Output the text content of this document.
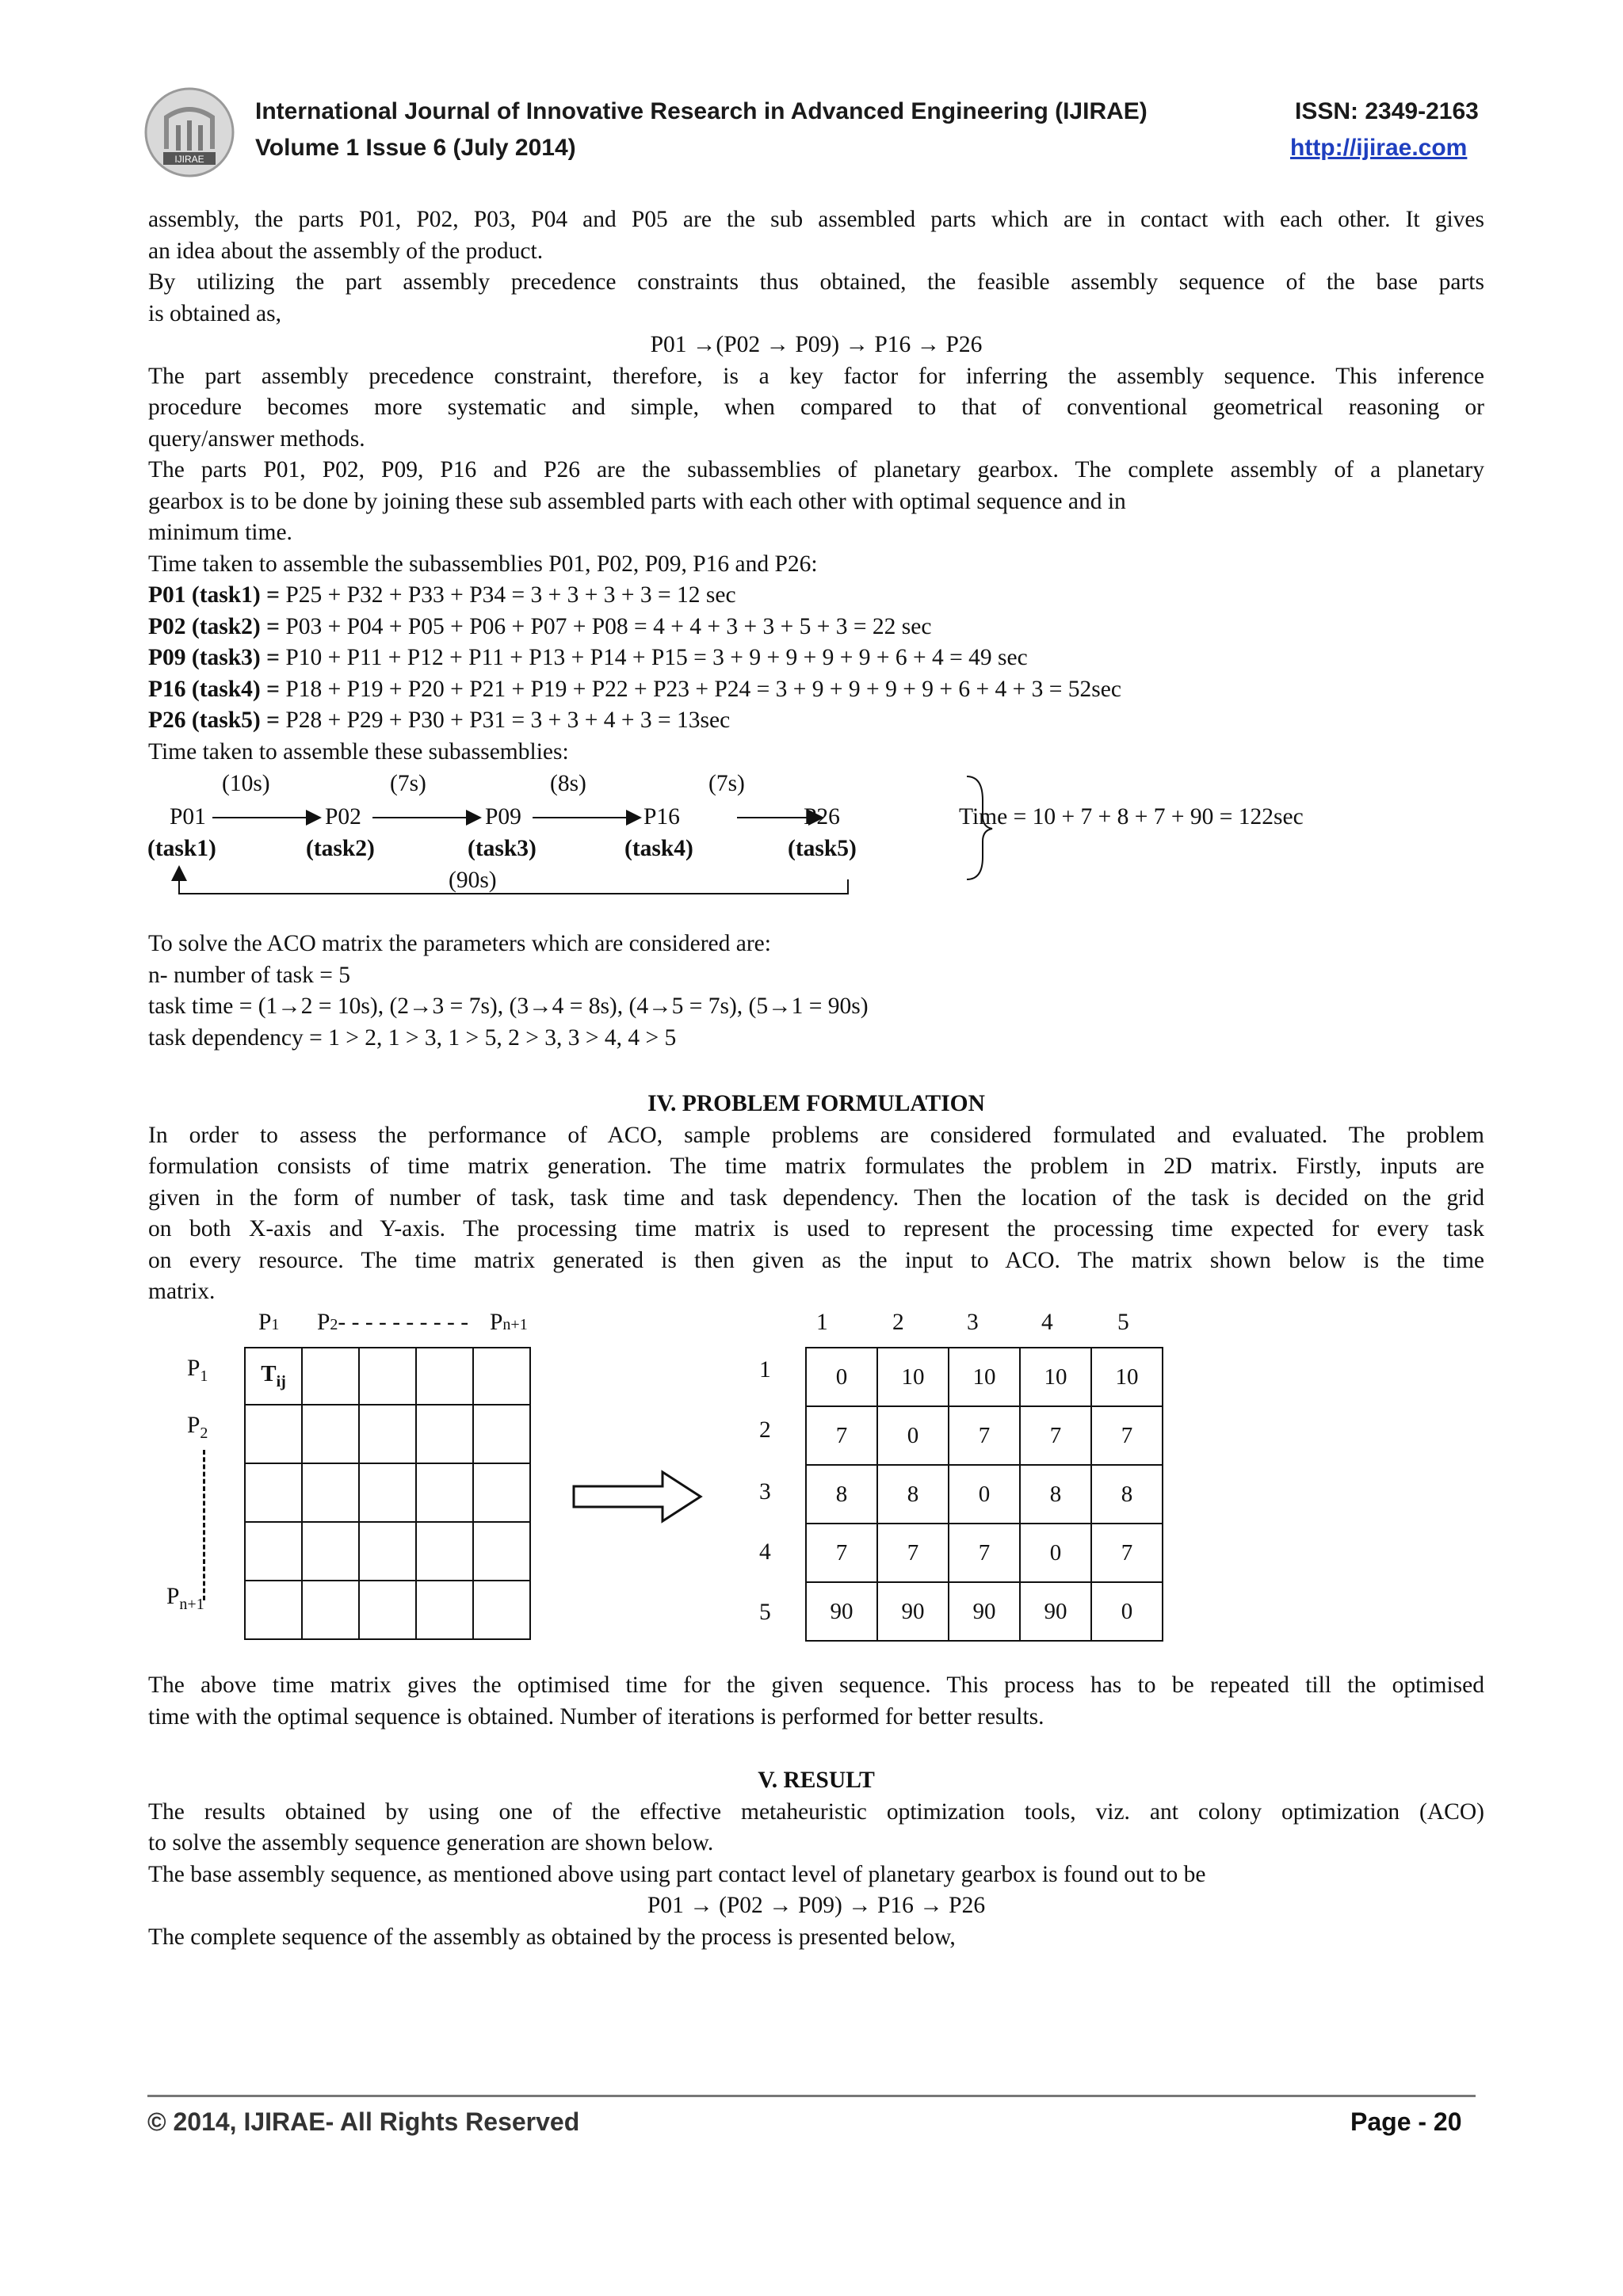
IJIRAE
International Journal of Innovative Research in Advanced Engineering (IJIRAE)	ISSN: 2349-2163
Volume 1 Issue 6 (July 2014)	http://ijirae.com
assembly, the parts P01, P02, P03, P04 and P05 are the sub assembled parts which are in contact with each other. It gives
an idea about the assembly of the product.
By utilizing the part assembly precedence constraints thus obtained, the feasible assembly sequence of the base parts
is obtained as,
P01 →(P02 → P09) → P16 → P26
The part assembly precedence constraint, therefore, is a key factor for inferring the assembly sequence. This inference
procedure becomes more systematic and simple, when compared to that of conventional geometrical reasoning or
query/answer methods.
The parts P01, P02, P09, P16 and P26 are the subassemblies of planetary gearbox. The complete assembly of a planetary
gearbox is to be done by joining these sub assembled parts with each other with optimal sequence and in
minimum time.
Time taken to assemble the subassemblies P01, P02, P09, P16 and P26:
P01 (task1) = P25 + P32 + P33 + P34 = 3 + 3 + 3 + 3 = 12 sec
P02 (task2) = P03 + P04 + P05 + P06 + P07 + P08 = 4 + 4 + 3 + 3 + 5 + 3 = 22 sec
P09 (task3) = P10 + P11 + P12 + P11 + P13 + P14 + P15 = 3 + 9 + 9 + 9 + 9 + 6 + 4 = 49 sec
P16 (task4) = P18 + P19 + P20 + P21 + P19 + P22 + P23 + P24 = 3 + 9 + 9 + 9 + 9 + 6 + 4 + 3 = 52sec
P26 (task5) = P28 + P29 + P30 + P31 = 3 + 3 + 4 + 3 = 13sec
Time taken to assemble these subassemblies:
(10s)	(7s)	(8s)	(7s)
P01	P02	P09	P16	P26
(task1)	(task2)	(task3)	(task4)	(task5)
(90s)
Time = 10 + 7 + 8 + 7 + 90 = 122sec
To solve the ACO matrix the parameters which are considered are:
n- number of task = 5
task time = (1→2 = 10s), (2→3 = 7s), (3→4 = 8s), (4→5 = 7s), (5→1 = 90s)
task dependency = 1 > 2, 1 > 3, 1 > 5, 2 > 3, 3 > 4, 4 > 5
IV. PROBLEM FORMULATION
In order to assess the performance of ACO, sample problems are considered formulated and evaluated. The problem
formulation consists of time matrix generation. The time matrix formulates the problem in 2D matrix. Firstly, inputs are
given in the form of number of task, task time and task dependency. Then the location of the task is decided on the grid
on both X-axis and Y-axis. The processing time matrix is used to represent the processing time expected for every task
on every resource. The time matrix generated is then given as the input to ACO. The matrix shown below is the time
matrix.
P1 P2- - - - - - - - - - Pn+1
$P_1$
$P_2$
$P_{n+1}$
$T_{ij}$				

1	2	3	4	5
1
2
3
4
5
0	10	10	10	10
7	0	7	7	7
8	8	0	8	8
7	7	7	0	7
90	90	90	90	0
The above time matrix gives the optimised time for the given sequence. This process has to be repeated till the optimised
time with the optimal sequence is obtained. Number of iterations is performed for better results.
V. RESULT
The results obtained by using one of the effective metaheuristic optimization tools, viz. ant colony optimization (ACO)
to solve the assembly sequence generation are shown below.
The base assembly sequence, as mentioned above using part contact level of planetary gearbox is found out to be
P01 → (P02 → P09) → P16 → P26
The complete sequence of the assembly as obtained by the process is presented below,
© 2014, IJIRAE- All Rights Reserved	Page - 20
